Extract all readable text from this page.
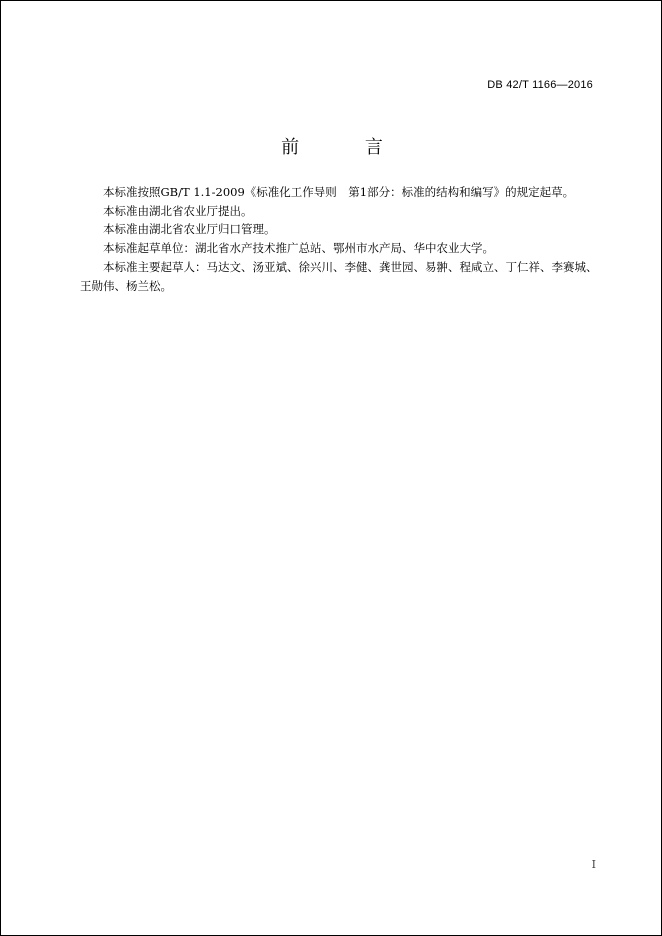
DB 42/T 1166—2016
前 言

本标准按照GB/T 1.1-2009《标准化工作导则　第1部分：标准的结构和编写》的规定起草。

本标准由湖北省农业厅提出。

本标准由湖北省农业厅归口管理。

本标准起草单位：湖北省水产技术推广总站、鄂州市水产局、华中农业大学。

本标准主要起草人：马达文、汤亚斌、徐兴川、李健、龚世园、易翀、程咸立、丁仁祥、李赛城、

王勋伟、杨兰松。

I
